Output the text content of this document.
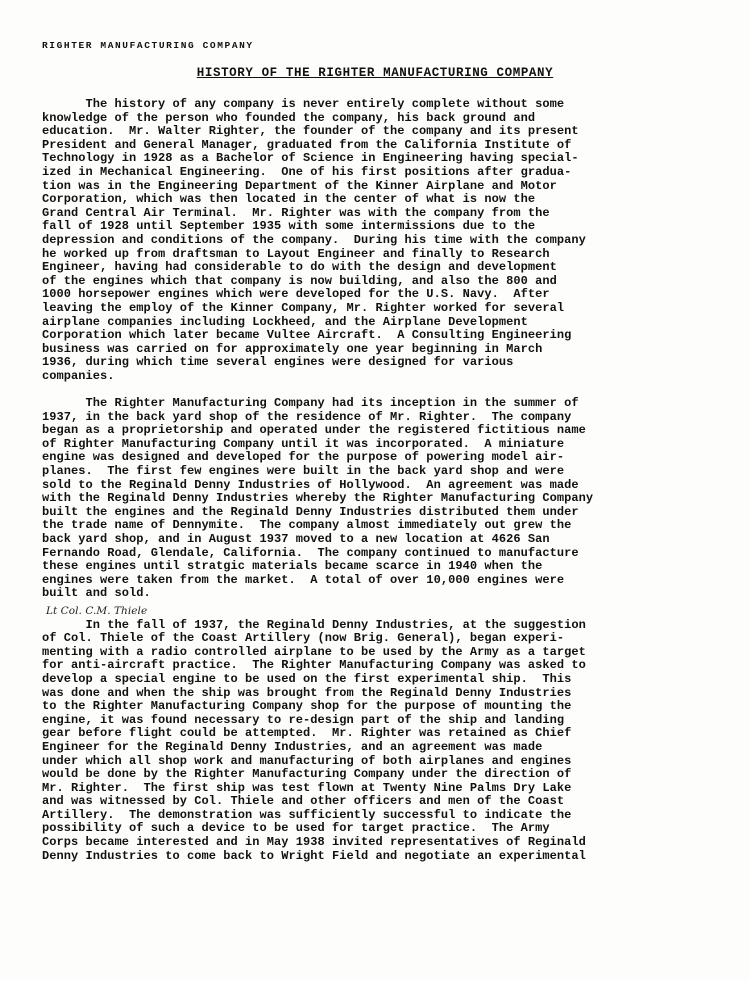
RIGHTER MANUFACTURING COMPANY
HISTORY OF THE RIGHTER MANUFACTURING COMPANY
The history of any company is never entirely complete without some
knowledge of the person who founded the company, his back ground and
education.  Mr. Walter Righter, the founder of the company and its present
President and General Manager, graduated from the California Institute of
Technology in 1928 as a Bachelor of Science in Engineering having special-
ized in Mechanical Engineering.  One of his first positions after gradua-
tion was in the Engineering Department of the Kinner Airplane and Motor
Corporation, which was then located in the center of what is now the
Grand Central Air Terminal.  Mr. Righter was with the company from the
fall of 1928 until September 1935 with some intermissions due to the
depression and conditions of the company.  During his time with the company
he worked up from draftsman to Layout Engineer and finally to Research
Engineer, having had considerable to do with the design and development
of the engines which that company is now building, and also the 800 and
1000 horsepower engines which were developed for the U.S. Navy.  After
leaving the employ of the Kinner Company, Mr. Righter worked for several
airplane companies including Lockheed, and the Airplane Development
Corporation which later became Vultee Aircraft.  A Consulting Engineering
business was carried on for approximately one year beginning in March
1936, during which time several engines were designed for various
companies.
The Righter Manufacturing Company had its inception in the summer of
1937, in the back yard shop of the residence of Mr. Righter.  The company
began as a proprietorship and operated under the registered fictitious name
of Righter Manufacturing Company until it was incorporated.  A miniature
engine was designed and developed for the purpose of powering model air-
planes.  The first few engines were built in the back yard shop and were
sold to the Reginald Denny Industries of Hollywood.  An agreement was made
with the Reginald Denny Industries whereby the Righter Manufacturing Company
built the engines and the Reginald Denny Industries distributed them under
the trade name of Dennymite.  The company almost immediately out grew the
back yard shop, and in August 1937 moved to a new location at 4626 San
Fernando Road, Glendale, California.  The company continued to manufacture
these engines until stratgic materials became scarce in 1940 when the
engines were taken from the market.  A total of over 10,000 engines were
built and sold.
Lt Col. C.M. Thiele
In the fall of 1937, the Reginald Denny Industries, at the suggestion
of Col. Thiele of the Coast Artillery (now Brig. General), began experi-
menting with a radio controlled airplane to be used by the Army as a target
for anti-aircraft practice.  The Righter Manufacturing Company was asked to
develop a special engine to be used on the first experimental ship.  This
was done and when the ship was brought from the Reginald Denny Industries
to the Righter Manufacturing Company shop for the purpose of mounting the
engine, it was found necessary to re-design part of the ship and landing
gear before flight could be attempted.  Mr. Righter was retained as Chief
Engineer for the Reginald Denny Industries, and an agreement was made
under which all shop work and manufacturing of both airplanes and engines
would be done by the Righter Manufacturing Company under the direction of
Mr. Righter.  The first ship was test flown at Twenty Nine Palms Dry Lake
and was witnessed by Col. Thiele and other officers and men of the Coast
Artillery.  The demonstration was sufficiently successful to indicate the
possibility of such a device to be used for target practice.  The Army
Corps became interested and in May 1938 invited representatives of Reginald
Denny Industries to come back to Wright Field and negotiate an experimental
